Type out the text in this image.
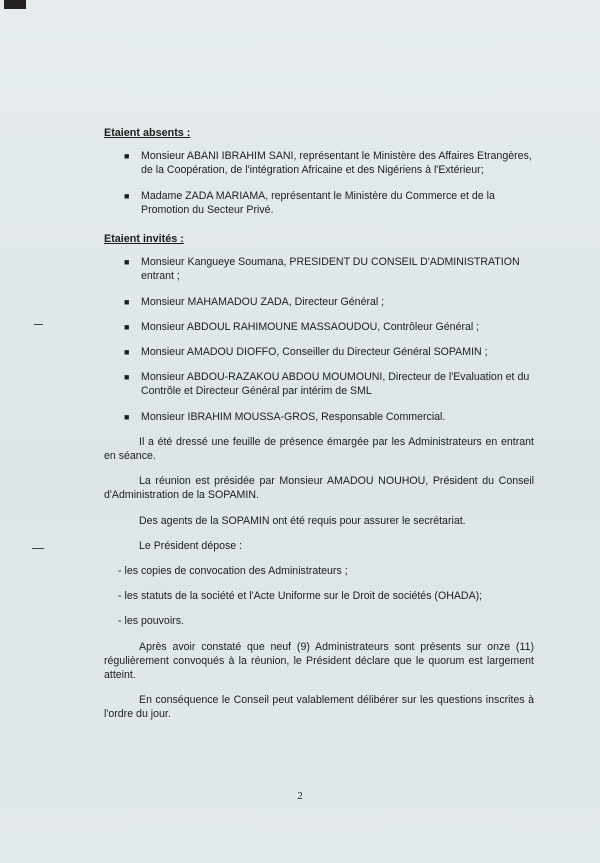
Etaient absents :
■ Monsieur ABANI IBRAHIM SANI, représentant le Ministère des Affaires Etrangères, de la Coopération, de l'intégration Africaine et des Nigériens à l'Extérieur;
■ Madame ZADA MARIAMA, représentant le Ministère du Commerce et de la Promotion du Secteur Privé.
Etaient invités :
■ Monsieur Kangueye Soumana, PRESIDENT DU CONSEIL D'ADMINISTRATION entrant ;
■ Monsieur MAHAMADOU ZADA, Directeur Général ;
■ Monsieur ABDOUL RAHIMOUNE MASSAOUDOU, Contrôleur Général ;
■ Monsieur AMADOU DIOFFO, Conseiller du Directeur Général SOPAMIN ;
■ Monsieur ABDOU-RAZAKOU ABDOU MOUMOUNI, Directeur de l'Evaluation et du Contrôle et Directeur Général par intérim de SML
■ Monsieur IBRAHIM MOUSSA-GROS, Responsable Commercial.

Il a été dressé une feuille de présence émargée par les Administrateurs en entrant en séance.

La réunion est présidée par Monsieur AMADOU NOUHOU, Président du Conseil d'Administration de la SOPAMIN.

Des agents de la SOPAMIN ont été requis pour assurer le secrétariat.

Le Président dépose :

- les copies de convocation des Administrateurs ;

- les statuts de la société et l'Acte Uniforme sur le Droit de sociétés (OHADA);

- les pouvoirs.

Après avoir constaté que neuf (9) Administrateurs sont présents sur onze (11) régulièrement convoqués à la réunion, le Président déclare que le quorum est largement atteint.

En conséquence le Conseil peut valablement délibérer sur les questions inscrites à l'ordre du jour.

2
